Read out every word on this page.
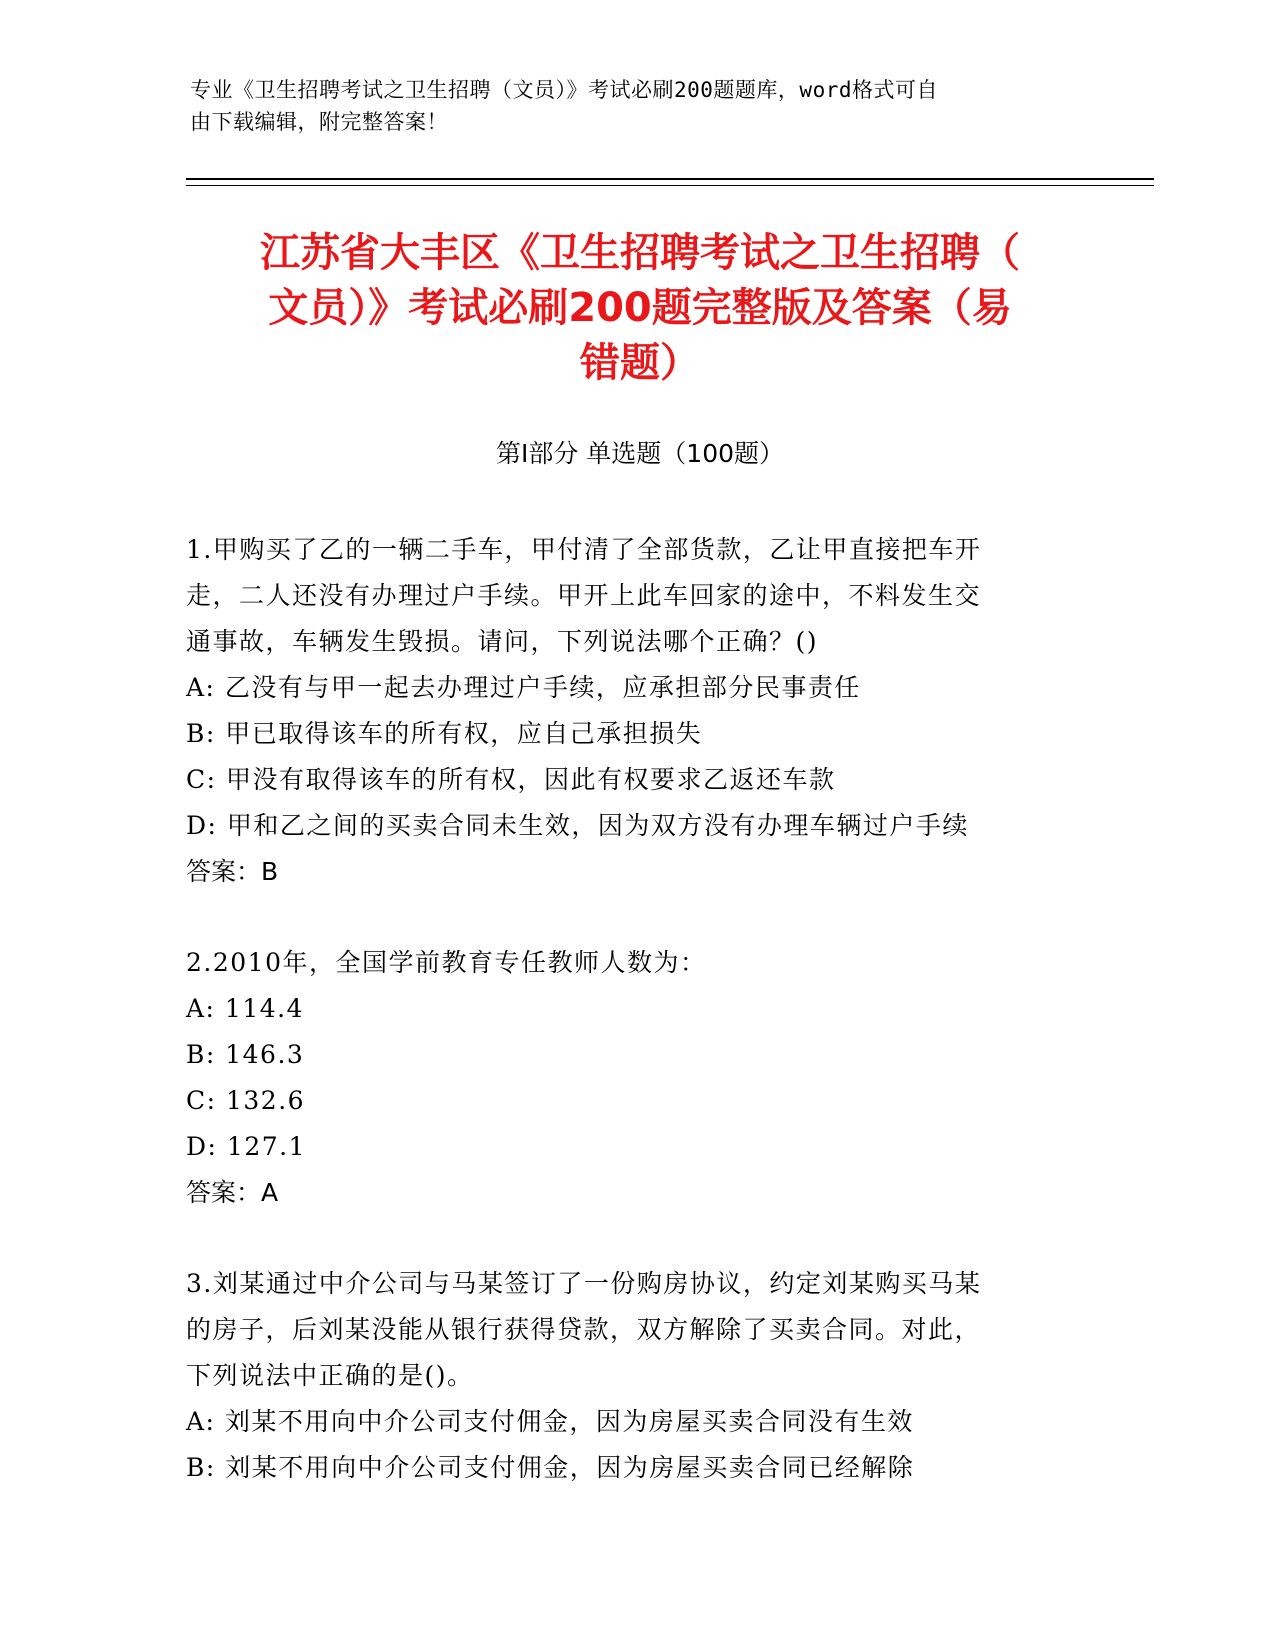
专业《卫生招聘考试之卫生招聘（文员）》考试必刷200题题库，word格式可自
由下载编辑，附完整答案！
江苏省大丰区《卫生招聘考试之卫生招聘（
文员）》考试必刷200题完整版及答案（易
错题）
第I部分 单选题（100题）
1.甲购买了乙的一辆二手车，甲付清了全部货款，乙让甲直接把车开
走，二人还没有办理过户手续。甲开上此车回家的途中，不料发生交
通事故，车辆发生毁损。请问，下列说法哪个正确？()
A: 乙没有与甲一起去办理过户手续，应承担部分民事责任
B: 甲已取得该车的所有权，应自己承担损失
C: 甲没有取得该车的所有权，因此有权要求乙返还车款
D: 甲和乙之间的买卖合同未生效，因为双方没有办理车辆过户手续
答案：B
2.2010年，全国学前教育专任教师人数为：
A: 114.4
B: 146.3
C: 132.6
D: 127.1
答案：A
3.刘某通过中介公司与马某签订了一份购房协议，约定刘某购买马某
的房子，后刘某没能从银行获得贷款，双方解除了买卖合同。对此，
下列说法中正确的是()。
A: 刘某不用向中介公司支付佣金，因为房屋买卖合同没有生效
B: 刘某不用向中介公司支付佣金，因为房屋买卖合同已经解除
